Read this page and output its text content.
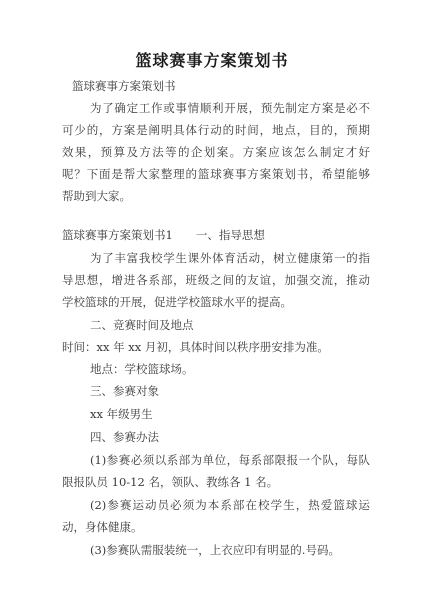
篮球赛事方案策划书

篮球赛事方案策划书

为了确定工作或事情顺利开展，预先制定方案是必不

可少的，方案是阐明具体行动的时间，地点，目的，预期

效果，预算及方法等的企划案。方案应该怎么制定才好

呢？下面是帮大家整理的篮球赛事方案策划书，希望能够

帮助到大家。

篮球赛事方案策划书1　　一、指导思想

为了丰富我校学生课外体育活动，树立健康第一的指

导思想，增进各系部，班级之间的友谊，加强交流，推动

学校篮球的开展，促进学校篮球水平的提高。

二、竞赛时间及地点

时间：xx 年 xx 月初，具体时间以秩序册安排为准。

地点：学校篮球场。

三、参赛对象

xx 年级男生

四、参赛办法

(1)参赛必须以系部为单位，每系部限报一个队，每队

限报队员 10-12 名，领队、教练各 1 名。

(2)参赛运动员必须为本系部在校学生，热爱篮球运

动，身体健康。

(3)参赛队需服装统一，上衣应印有明显的.号码。
